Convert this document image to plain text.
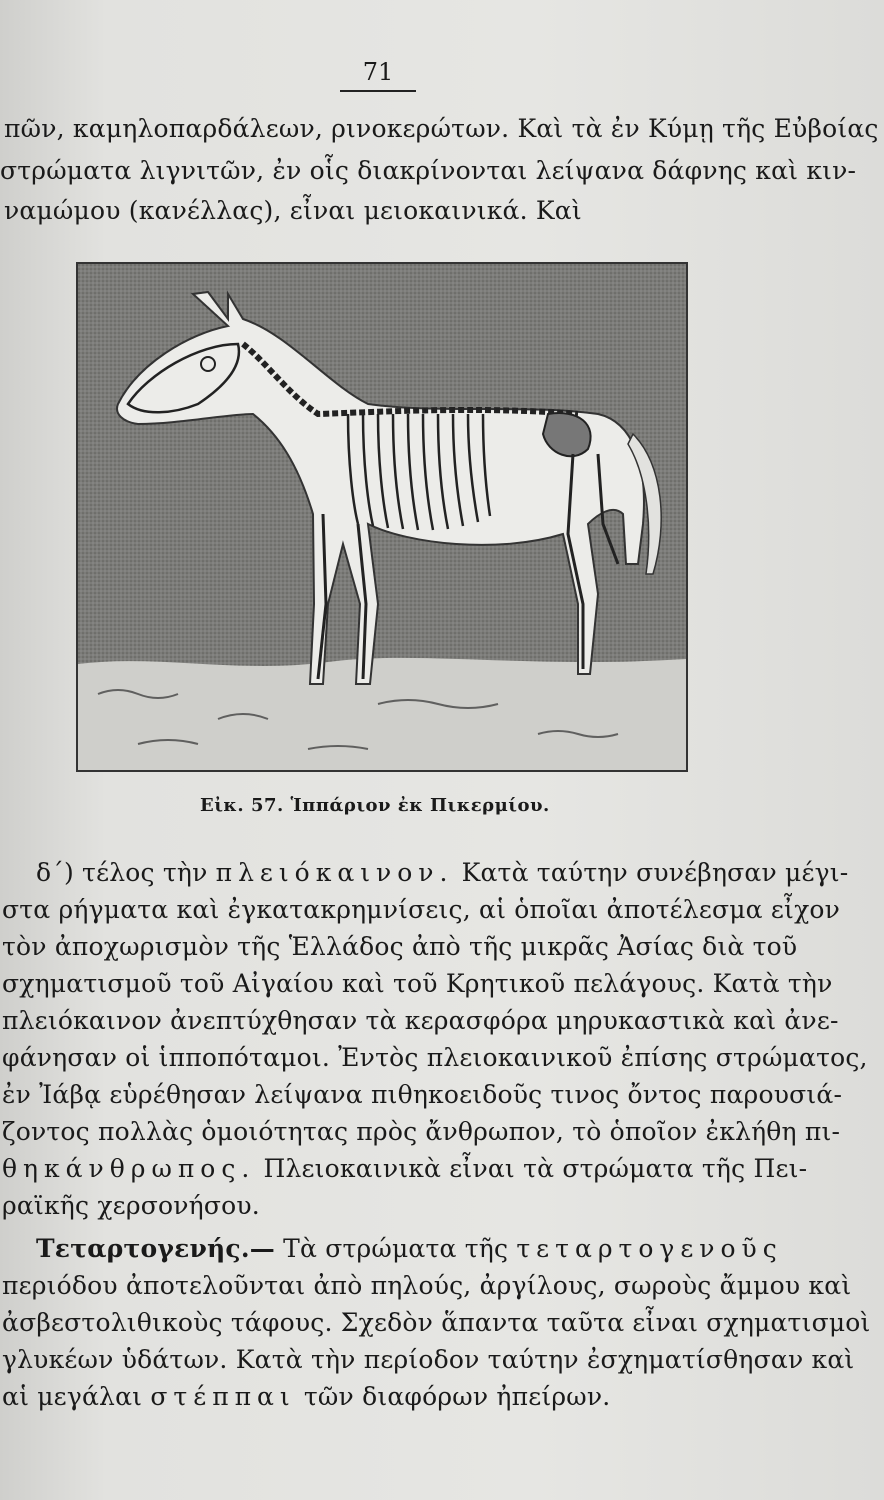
71
πῶν, καμηλοπαρδάλεων, ρινοκερώτων. Καὶ τὰ ἐν Κύμῃ τῆς Εὐβοίας
στρώματα λιγνιτῶν, ἐν οἷς διακρίνονται λείψανα δάφνης καὶ κιν-
ναμώμου (κανέλλας), εἶναι μειοκαινικά. Καὶ
Εἰκ. 57. Ἱππάριον ἐκ Πικερμίου.
δ΄) τέλος τὴν πλειόκαινον. Κατὰ ταύτην συνέβησαν μέγι-
στα ρήγματα καὶ ἐγκατακρημνίσεις, αἱ ὁποῖαι ἀποτέλεσμα εἶχον
τὸν ἀποχωρισμὸν τῆς Ἑλλάδος ἀπὸ τῆς μικρᾶς Ἀσίας διὰ τοῦ
σχηματισμοῦ τοῦ Αἰγαίου καὶ τοῦ Κρητικοῦ πελάγους. Κατὰ τὴν
πλειόκαινον ἀνεπτύχθησαν τὰ κερασφόρα μηρυκαστικὰ καὶ ἀνε-
φάνησαν οἱ ἱπποπόταμοι. Ἐντὸς πλειοκαινικοῦ ἐπίσης στρώματος,
ἐν Ἰάβᾳ εὑρέθησαν λείψανα πιθηκοειδοῦς τινος ὄντος παρουσιά-
ζοντος πολλὰς ὁμοιότητας πρὸς ἄνθρωπον, τὸ ὁποῖον ἐκλήθη πι-
θηκάνθρωπος. Πλειοκαινικὰ εἶναι τὰ στρώματα τῆς Πει-
ραϊκῆς χερσονήσου.
Τεταρτογενής.— Τὰ στρώματα τῆς τεταρτογενοῦς
περιόδου ἀποτελοῦνται ἀπὸ πηλούς, ἀργίλους, σωροὺς ἄμμου καὶ
ἀσβεστολιθικοὺς τάφους. Σχεδὸν ἅπαντα ταῦτα εἶναι σχηματισμοὶ
γλυκέων ὑδάτων. Κατὰ τὴν περίοδον ταύτην ἐσχηματίσθησαν καὶ
αἱ μεγάλαι στέππαι τῶν διαφόρων ἠπείρων.
